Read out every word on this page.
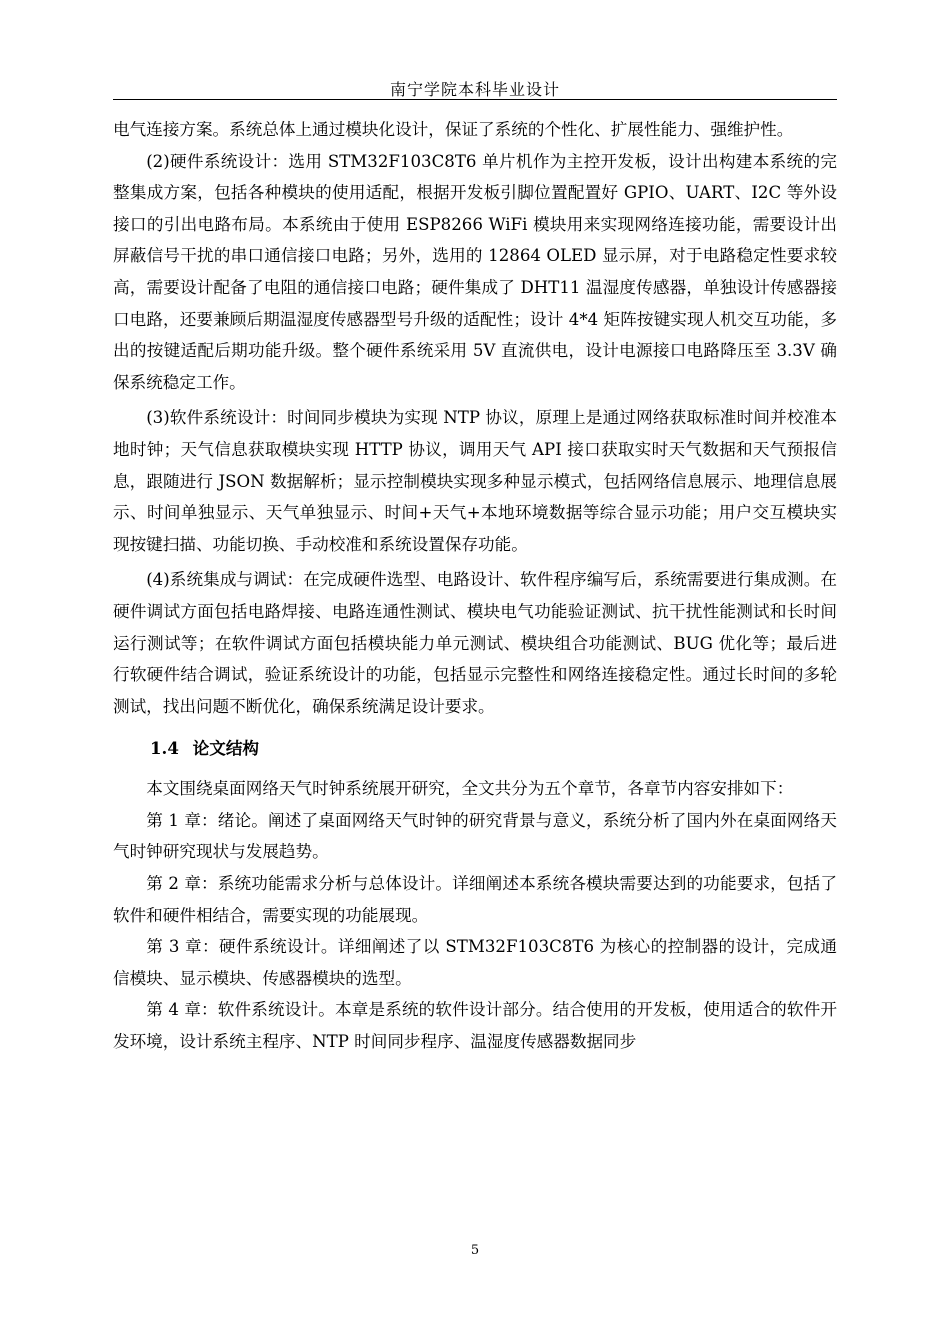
南宁学院本科毕业设计

电气连接方案。系统总体上通过模块化设计，保证了系统的个性化、扩展性能力、强维护性。

(2)硬件系统设计：选用 STM32F103C8T6 单片机作为主控开发板，设计出构建本系统的完整集成方案，包括各种模块的使用适配，根据开发板引脚位置配置好 GPIO、UART、I2C 等外设接口的引出电路布局。本系统由于使用 ESP8266 WiFi 模块用来实现网络连接功能，需要设计出屏蔽信号干扰的串口通信接口电路；另外，选用的 12864 OLED 显示屏，对于电路稳定性要求较高，需要设计配备了电阻的通信接口电路；硬件集成了 DHT11 温湿度传感器，单独设计传感器接口电路，还要兼顾后期温湿度传感器型号升级的适配性；设计 4*4 矩阵按键实现人机交互功能，多出的按键适配后期功能升级。整个硬件系统采用 5V 直流供电，设计电源接口电路降压至 3.3V 确保系统稳定工作。

(3)软件系统设计：时间同步模块为实现 NTP 协议，原理上是通过网络获取标准时间并校准本地时钟；天气信息获取模块实现 HTTP 协议，调用天气 API 接口获取实时天气数据和天气预报信息，跟随进行 JSON 数据解析；显示控制模块实现多种显示模式，包括网络信息展示、地理信息展示、时间单独显示、天气单独显示、时间+天气+本地环境数据等综合显示功能；用户交互模块实现按键扫描、功能切换、手动校准和系统设置保存功能。

(4)系统集成与调试：在完成硬件选型、电路设计、软件程序编写后，系统需要进行集成测。在硬件调试方面包括电路焊接、电路连通性测试、模块电气功能验证测试、抗干扰性能测试和长时间运行测试等；在软件调试方面包括模块能力单元测试、模块组合功能测试、BUG 优化等；最后进行软硬件结合调试，验证系统设计的功能，包括显示完整性和网络连接稳定性。通过长时间的多轮测试，找出问题不断优化，确保系统满足设计要求。

1.4 论文结构

本文围绕桌面网络天气时钟系统展开研究，全文共分为五个章节，各章节内容安排如下：

第 1 章：绪论。阐述了桌面网络天气时钟的研究背景与意义，系统分析了国内外在桌面网络天气时钟研究现状与发展趋势。

第 2 章：系统功能需求分析与总体设计。详细阐述本系统各模块需要达到的功能要求，包括了软件和硬件相结合，需要实现的功能展现。

第 3 章：硬件系统设计。详细阐述了以 STM32F103C8T6 为核心的控制器的设计，完成通信模块、显示模块、传感器模块的选型。

第 4 章：软件系统设计。本章是系统的软件设计部分。结合使用的开发板，使用适合的软件开发环境，设计系统主程序、NTP 时间同步程序、温湿度传感器数据同步

5
